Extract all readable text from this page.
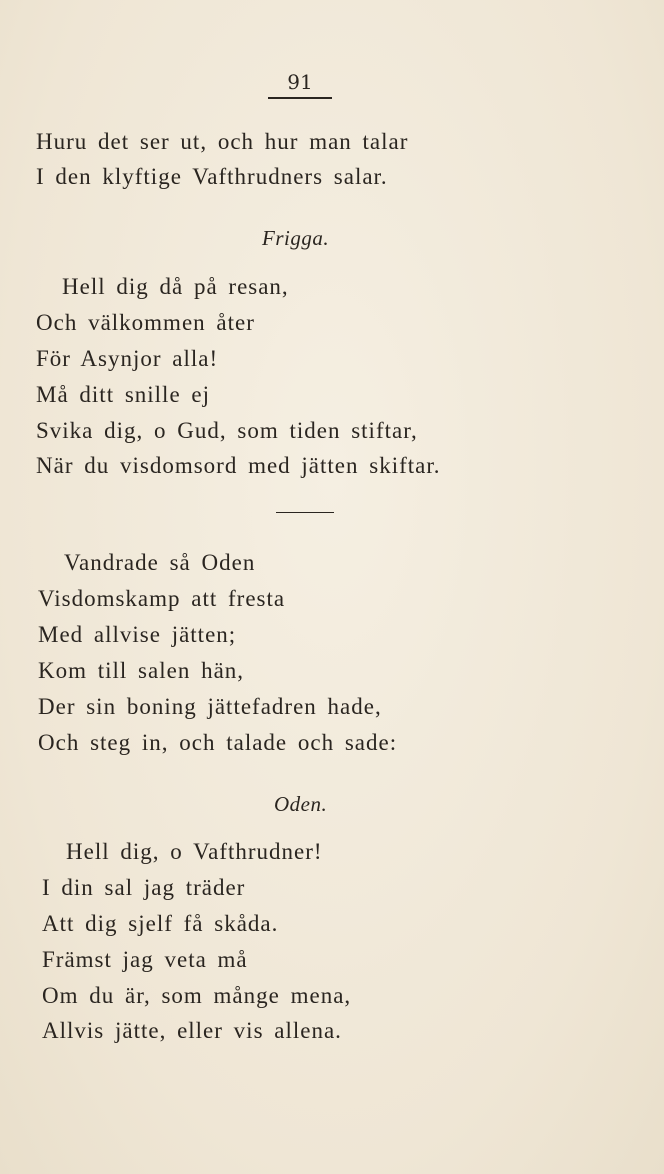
91
Huru det ser ut, och hur man talar
I den klyftige Vafthrudners salar.
Frigga.
Hell dig då på resan,
Och välkommen åter
För Asynjor alla!
Må ditt snille ej
Svika dig, o Gud, som tiden stiftar,
När du visdomsord med jätten skiftar.
Vandrade så Oden
Visdomskamp att fresta
Med allvise jätten;
Kom till salen hän,
Der sin boning jättefadren hade,
Och steg in, och talade och sade:
Oden.
Hell dig, o Vafthrudner!
I din sal jag träder
Att dig sjelf få skåda.
Främst jag veta må
Om du är, som månge mena,
Allvis jätte, eller vis allena.
